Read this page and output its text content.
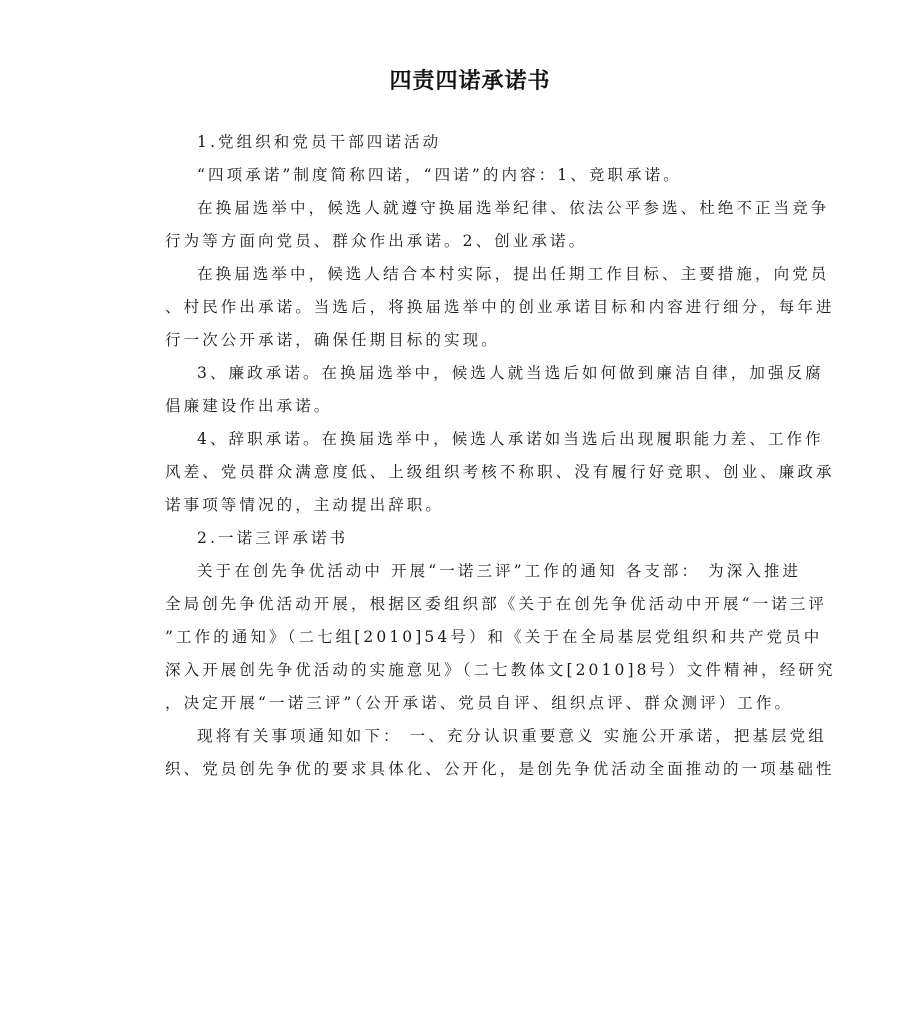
四责四诺承诺书
1.党组织和党员干部四诺活动
“四项承诺”制度简称四诺，“四诺”的内容：1、竞职承诺。
在换届选举中，候选人就遵守换届选举纪律、依法公平参选、杜绝不正当竞争
行为等方面向党员、群众作出承诺。2、创业承诺。
在换届选举中，候选人结合本村实际，提出任期工作目标、主要措施，向党员
、村民作出承诺。当选后，将换届选举中的创业承诺目标和内容进行细分，每年进
行一次公开承诺，确保任期目标的实现。
3、廉政承诺。在换届选举中，候选人就当选后如何做到廉洁自律，加强反腐
倡廉建设作出承诺。
4、辞职承诺。在换届选举中，候选人承诺如当选后出现履职能力差、工作作
风差、党员群众满意度低、上级组织考核不称职、没有履行好竞职、创业、廉政承
诺事项等情况的，主动提出辞职。
2.一诺三评承诺书
关于在创先争优活动中 开展“一诺三评”工作的通知 各支部： 为深入推进
全局创先争优活动开展，根据区委组织部《关于在创先争优活动中开展“一诺三评
”工作的通知》（二七组[2010]54号）和《关于在全局基层党组织和共产党员中
深入开展创先争优活动的实施意见》（二七教体文[2010]8号）文件精神，经研究
，决定开展“一诺三评”（公开承诺、党员自评、组织点评、群众测评）工作。
现将有关事项通知如下： 一、充分认识重要意义 实施公开承诺，把基层党组
织、党员创先争优的要求具体化、公开化，是创先争优活动全面推动的一项基础性
